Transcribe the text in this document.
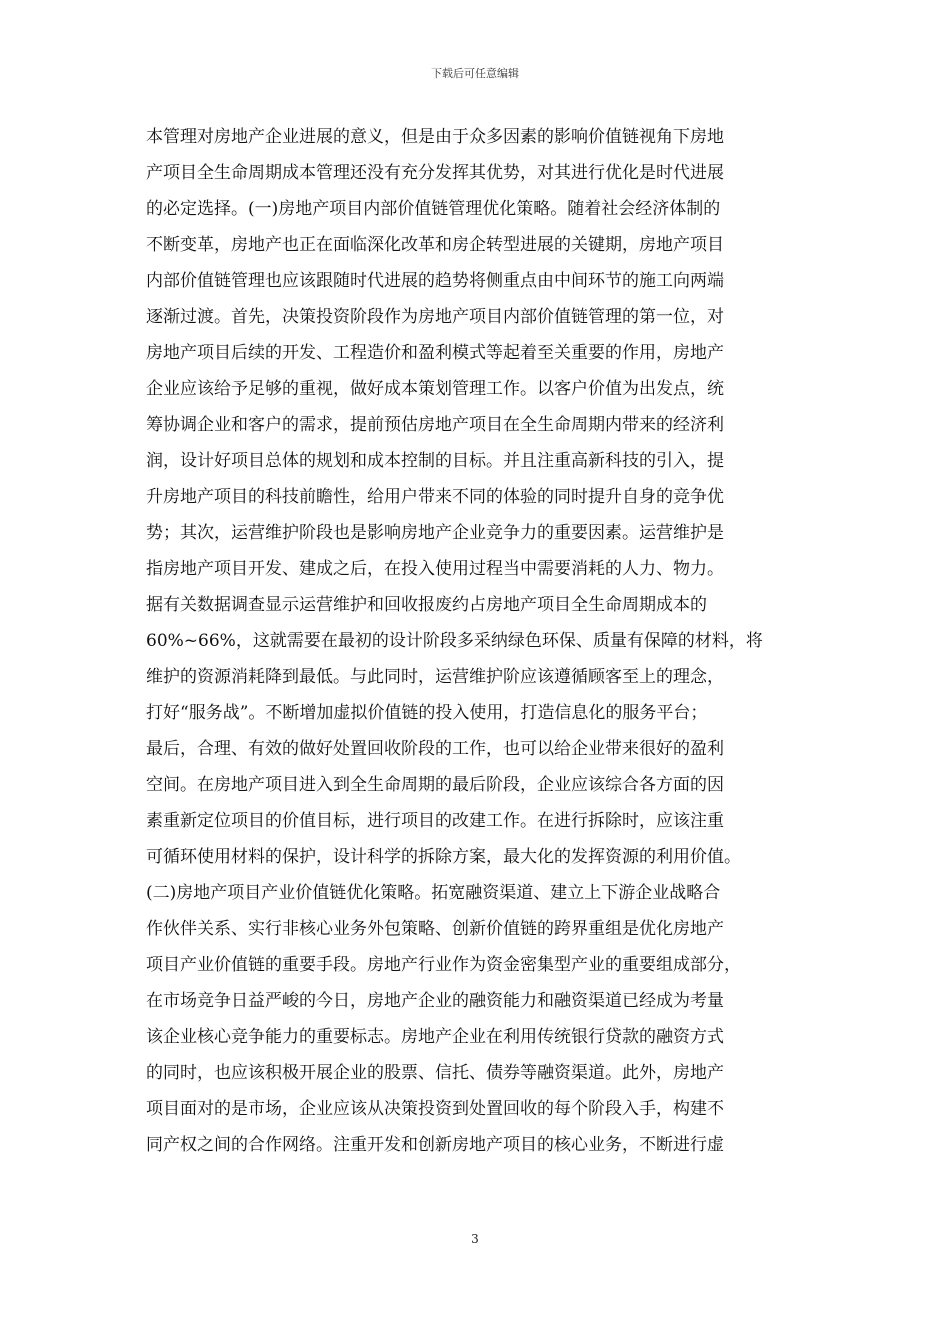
下载后可任意编辑
本管理对房地产企业进展的意义，但是由于众多因素的影响价值链视角下房地
产项目全生命周期成本管理还没有充分发挥其优势，对其进行优化是时代进展
的必定选择。(一)房地产项目内部价值链管理优化策略。随着社会经济体制的
不断变革，房地产也正在面临深化改革和房企转型进展的关键期，房地产项目
内部价值链管理也应该跟随时代进展的趋势将侧重点由中间环节的施工向两端
逐渐过渡。首先，决策投资阶段作为房地产项目内部价值链管理的第一位，对
房地产项目后续的开发、工程造价和盈利模式等起着至关重要的作用，房地产
企业应该给予足够的重视，做好成本策划管理工作。以客户价值为出发点，统
筹协调企业和客户的需求，提前预估房地产项目在全生命周期内带来的经济利
润，设计好项目总体的规划和成本控制的目标。并且注重高新科技的引入，提
升房地产项目的科技前瞻性，给用户带来不同的体验的同时提升自身的竞争优
势；其次，运营维护阶段也是影响房地产企业竞争力的重要因素。运营维护是
指房地产项目开发、建成之后，在投入使用过程当中需要消耗的人力、物力。
据有关数据调查显示运营维护和回收报废约占房地产项目全生命周期成本的
60%~66%，这就需要在最初的设计阶段多采纳绿色环保、质量有保障的材料，将
维护的资源消耗降到最低。与此同时，运营维护阶应该遵循顾客至上的理念，
打好“服务战”。不断增加虚拟价值链的投入使用，打造信息化的服务平台；
最后，合理、有效的做好处置回收阶段的工作，也可以给企业带来很好的盈利
空间。在房地产项目进入到全生命周期的最后阶段，企业应该综合各方面的因
素重新定位项目的价值目标，进行项目的改建工作。在进行拆除时，应该注重
可循环使用材料的保护，设计科学的拆除方案，最大化的发挥资源的利用价值。
(二)房地产项目产业价值链优化策略。拓宽融资渠道、建立上下游企业战略合
作伙伴关系、实行非核心业务外包策略、创新价值链的跨界重组是优化房地产
项目产业价值链的重要手段。房地产行业作为资金密集型产业的重要组成部分，
在市场竞争日益严峻的今日，房地产企业的融资能力和融资渠道已经成为考量
该企业核心竞争能力的重要标志。房地产企业在利用传统银行贷款的融资方式
的同时，也应该积极开展企业的股票、信托、债券等融资渠道。此外，房地产
项目面对的是市场，企业应该从决策投资到处置回收的每个阶段入手，构建不
同产权之间的合作网络。注重开发和创新房地产项目的核心业务，不断进行虚
3
